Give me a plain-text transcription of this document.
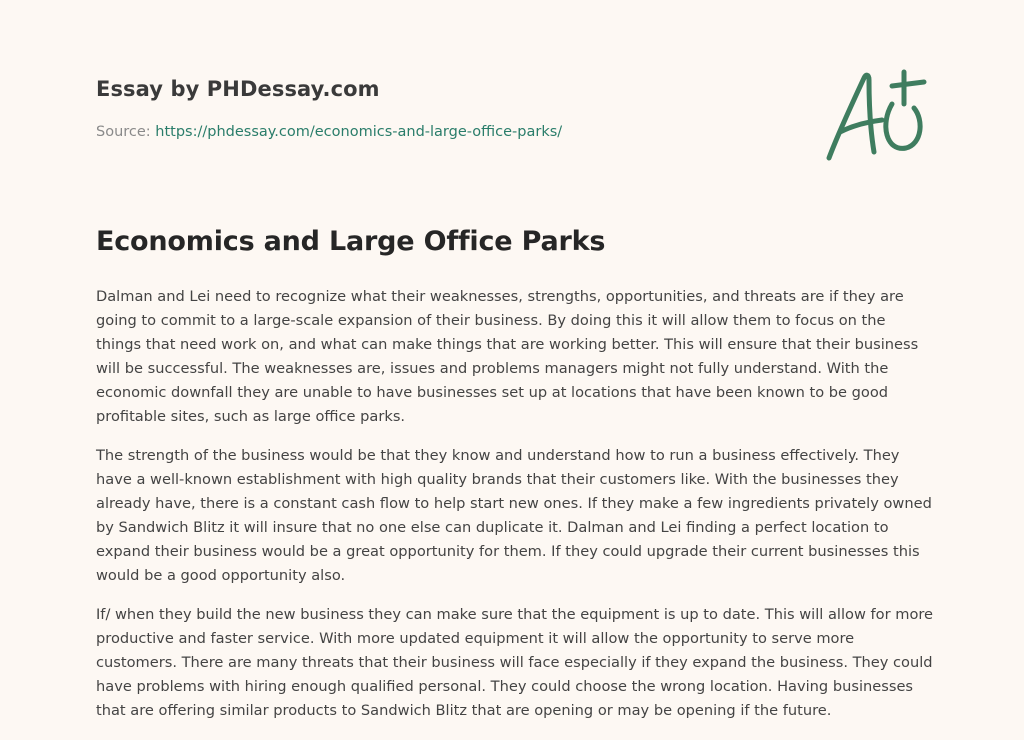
Essay by PHDessay.com

Source: https://phdessay.com/economics-and-large-office-parks/

Economics and Large Office Parks

Dalman and Lei need to recognize what their weaknesses, strengths, opportunities, and threats are if they are going to commit to a large-scale expansion of their business. By doing this it will allow them to focus on the things that need work on, and what can make things that are working better. This will ensure that their business will be successful. The weaknesses are, issues and problems managers might not fully understand. With the economic downfall they are unable to have businesses set up at locations that have been known to be good profitable sites, such as large office parks.

The strength of the business would be that they know and understand how to run a business effectively. They have a well-known establishment with high quality brands that their customers like. With the businesses they already have, there is a constant cash flow to help start new ones. If they make a few ingredients privately owned by Sandwich Blitz it will insure that no one else can duplicate it. Dalman and Lei finding a perfect location to expand their business would be a great opportunity for them. If they could upgrade their current businesses this would be a good opportunity also.

If/ when they build the new business they can make sure that the equipment is up to date. This will allow for more productive and faster service. With more updated equipment it will allow the opportunity to serve more customers. There are many threats that their business will face especially if they expand the business. They could have problems with hiring enough qualified personal. They could choose the wrong location. Having businesses that are offering similar products to Sandwich Blitz that are opening or may be opening if the future.
